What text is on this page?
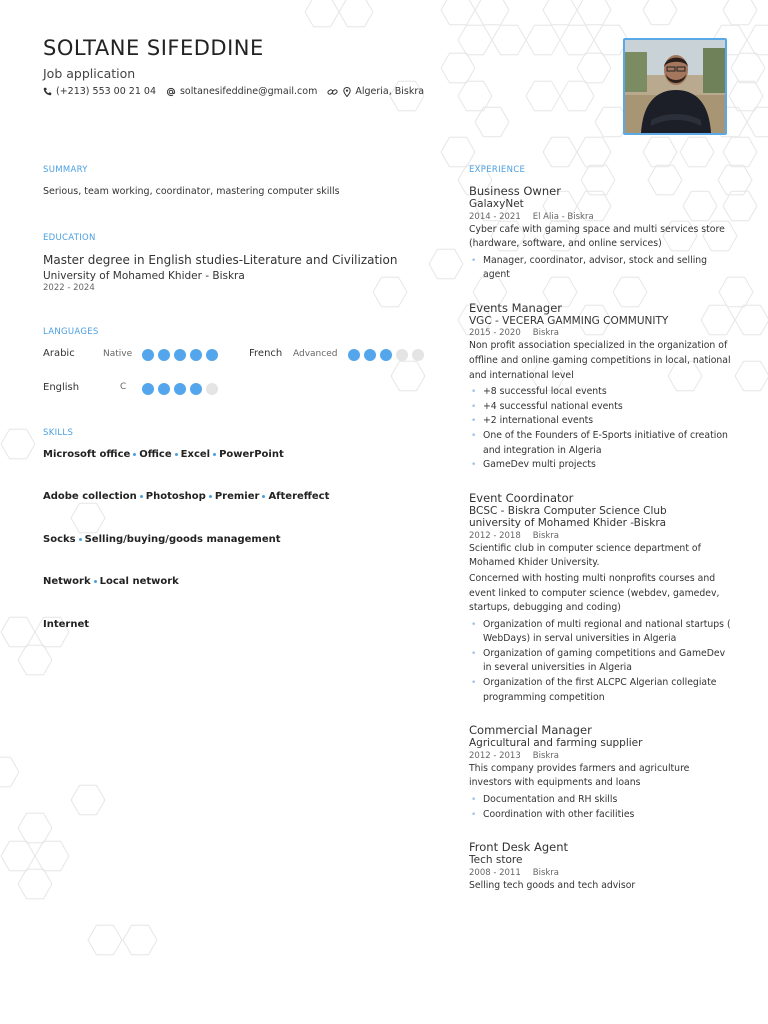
SOLTANE SIFEDDINE
Job application
(+213) 553 00 21 04	soltanesifeddine@gmail.com	Algeria, Biskra
SUMMARY
Serious, team working, coordinator, mastering computer skills
EDUCATION
Master degree in English studies-Literature and Civilization
University of Mohamed Khider - Biskra
2022 - 2024
LANGUAGES
Arabic	Native	French Advanced
English	C
SKILLS
Microsoft office Office Excel PowerPoint
Adobe collection Photoshop Premier Aftereffect
Socks Selling/buying/goods management
Network Local network
Internet
EXPERIENCE
Business Owner
GalaxyNet
2014 - 2021 El Alia - Biskra
Cyber cafe with gaming space and multi services store (hardware, software, and online services)
• Manager, coordinator, advisor, stock and selling agent
Events Manager
VGC - VECERA GAMMING COMMUNITY
2015 - 2020 Biskra
Non profit association specialized in the organization of offline and online gaming competitions in local, national and international level
• +8 successful local events
• +4 successful national events
• +2 international events
• One of the Founders of E-Sports initiative of creation and integration in Algeria
• GameDev multi projects
Event Coordinator
BCSC - Biskra Computer Science Club
university of Mohamed Khider -Biskra
2012 - 2018 Biskra
Scientific club in computer science department of Mohamed Khider University.
Concerned with hosting multi nonprofits courses and event linked to computer science (webdev, gamedev, startups, debugging and coding)
• Organization of multi regional and national startups ( WebDays) in serval universities in Algeria
• Organization of gaming competitions and GameDev in several universities in Algeria
• Organization of the first ALCPC Algerian collegiate programming competition
Commercial Manager
Agricultural and farming supplier
2012 - 2013 Biskra
This company provides farmers and agriculture investors with equipments and loans
• Documentation and RH skills
• Coordination with other facilities
Front Desk Agent
Tech store
2008 - 2011 Biskra
Selling tech goods and tech advisor
